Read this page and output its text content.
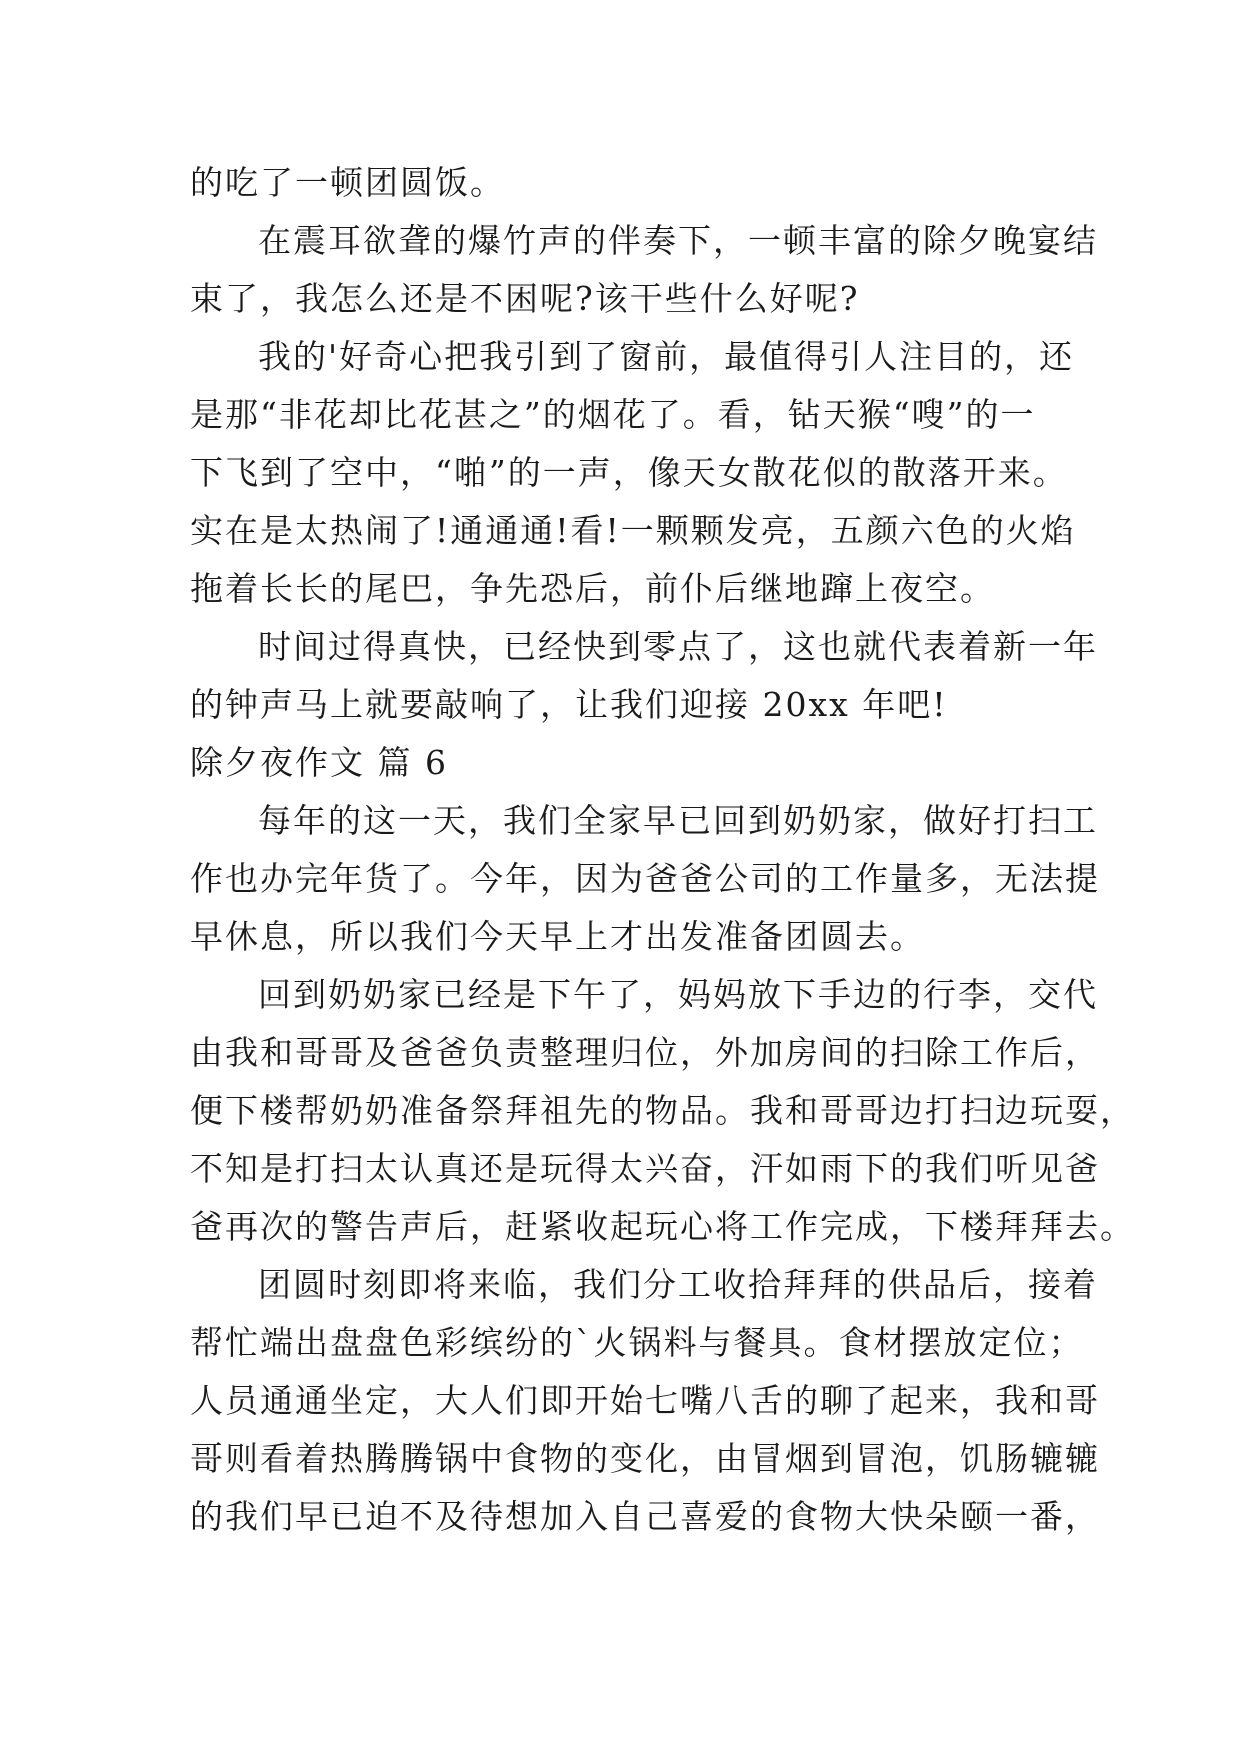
的吃了一顿团圆饭。
在震耳欲聋的爆竹声的伴奏下，一顿丰富的除夕晚宴结
束了，我怎么还是不困呢?该干些什么好呢?
我的'好奇心把我引到了窗前，最值得引人注目的，还
是那“非花却比花甚之”的烟花了。看，钻天猴“嗖”的一
下飞到了空中，“啪”的一声，像天女散花似的散落开来。
实在是太热闹了!通通通!看!一颗颗发亮，五颜六色的火焰
拖着长长的尾巴，争先恐后，前仆后继地蹿上夜空。
时间过得真快，已经快到零点了，这也就代表着新一年
的钟声马上就要敲响了，让我们迎接 20xx 年吧!
除夕夜作文 篇 6
每年的这一天，我们全家早已回到奶奶家，做好打扫工
作也办完年货了。今年，因为爸爸公司的工作量多，无法提
早休息，所以我们今天早上才出发准备团圆去。
回到奶奶家已经是下午了，妈妈放下手边的行李，交代
由我和哥哥及爸爸负责整理归位，外加房间的扫除工作后，
便下楼帮奶奶准备祭拜祖先的物品。我和哥哥边打扫边玩耍，
不知是打扫太认真还是玩得太兴奋，汗如雨下的我们听见爸
爸再次的警告声后，赶紧收起玩心将工作完成，下楼拜拜去。
团圆时刻即将来临，我们分工收拾拜拜的供品后，接着
帮忙端出盘盘色彩缤纷的`火锅料与餐具。食材摆放定位；
人员通通坐定，大人们即开始七嘴八舌的聊了起来，我和哥
哥则看着热腾腾锅中食物的变化，由冒烟到冒泡，饥肠辘辘
的我们早已迫不及待想加入自己喜爱的食物大快朵颐一番，
